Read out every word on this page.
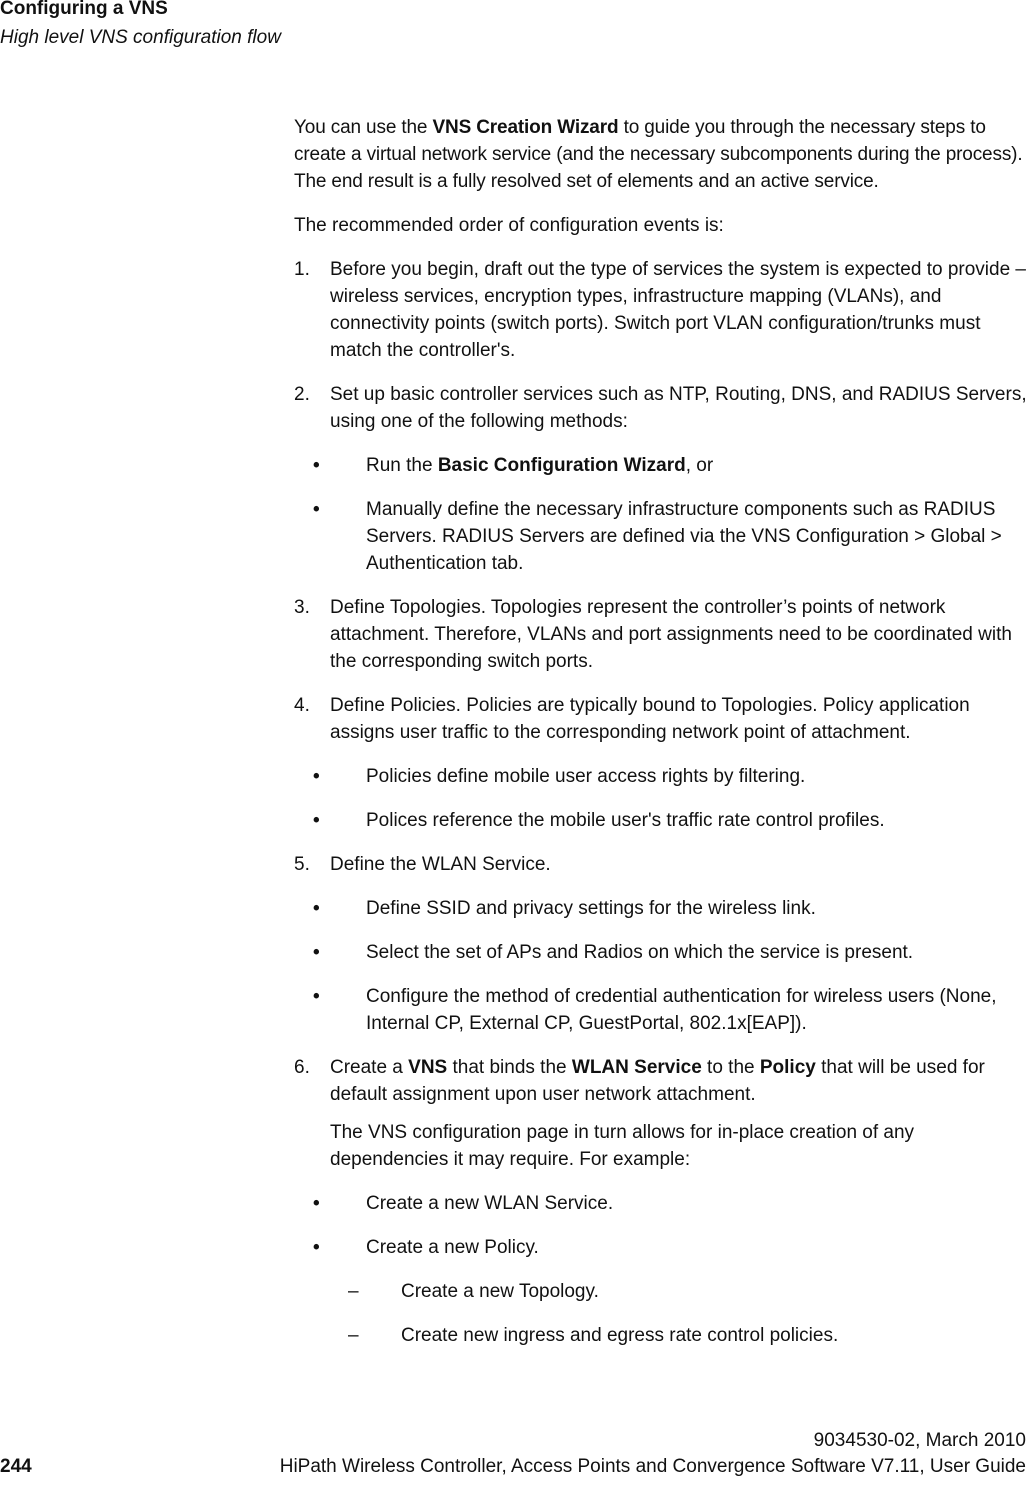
Configuring a VNS
High level VNS configuration flow

You can use the VNS Creation Wizard to guide you through the necessary steps to create a virtual network service (and the necessary subcomponents during the process). The end result is a fully resolved set of elements and an active service.

The recommended order of configuration events is:

1. Before you begin, draft out the type of services the system is expected to provide – wireless services, encryption types, infrastructure mapping (VLANs), and connectivity points (switch ports). Switch port VLAN configuration/trunks must match the controller's.
2. Set up basic controller services such as NTP, Routing, DNS, and RADIUS Servers, using one of the following methods:
• Run the Basic Configuration Wizard, or
• Manually define the necessary infrastructure components such as RADIUS Servers. RADIUS Servers are defined via the VNS Configuration > Global > Authentication tab.
3. Define Topologies. Topologies represent the controller’s points of network attachment. Therefore, VLANs and port assignments need to be coordinated with the corresponding switch ports.
4. Define Policies. Policies are typically bound to Topologies. Policy application assigns user traffic to the corresponding network point of attachment.
• Policies define mobile user access rights by filtering.
• Polices reference the mobile user's traffic rate control profiles.
5. Define the WLAN Service.
• Define SSID and privacy settings for the wireless link.
• Select the set of APs and Radios on which the service is present.
• Configure the method of credential authentication for wireless users (None, Internal CP, External CP, GuestPortal, 802.1x[EAP]).
6. Create a VNS that binds the WLAN Service to the Policy that will be used for default assignment upon user network attachment.

The VNS configuration page in turn allows for in-place creation of any dependencies it may require. For example:

• Create a new WLAN Service.
• Create a new Policy.
– Create a new Topology.
– Create new ingress and egress rate control policies.
9034530-02, March 2010
244	HiPath Wireless Controller, Access Points and Convergence Software V7.11, User Guide
